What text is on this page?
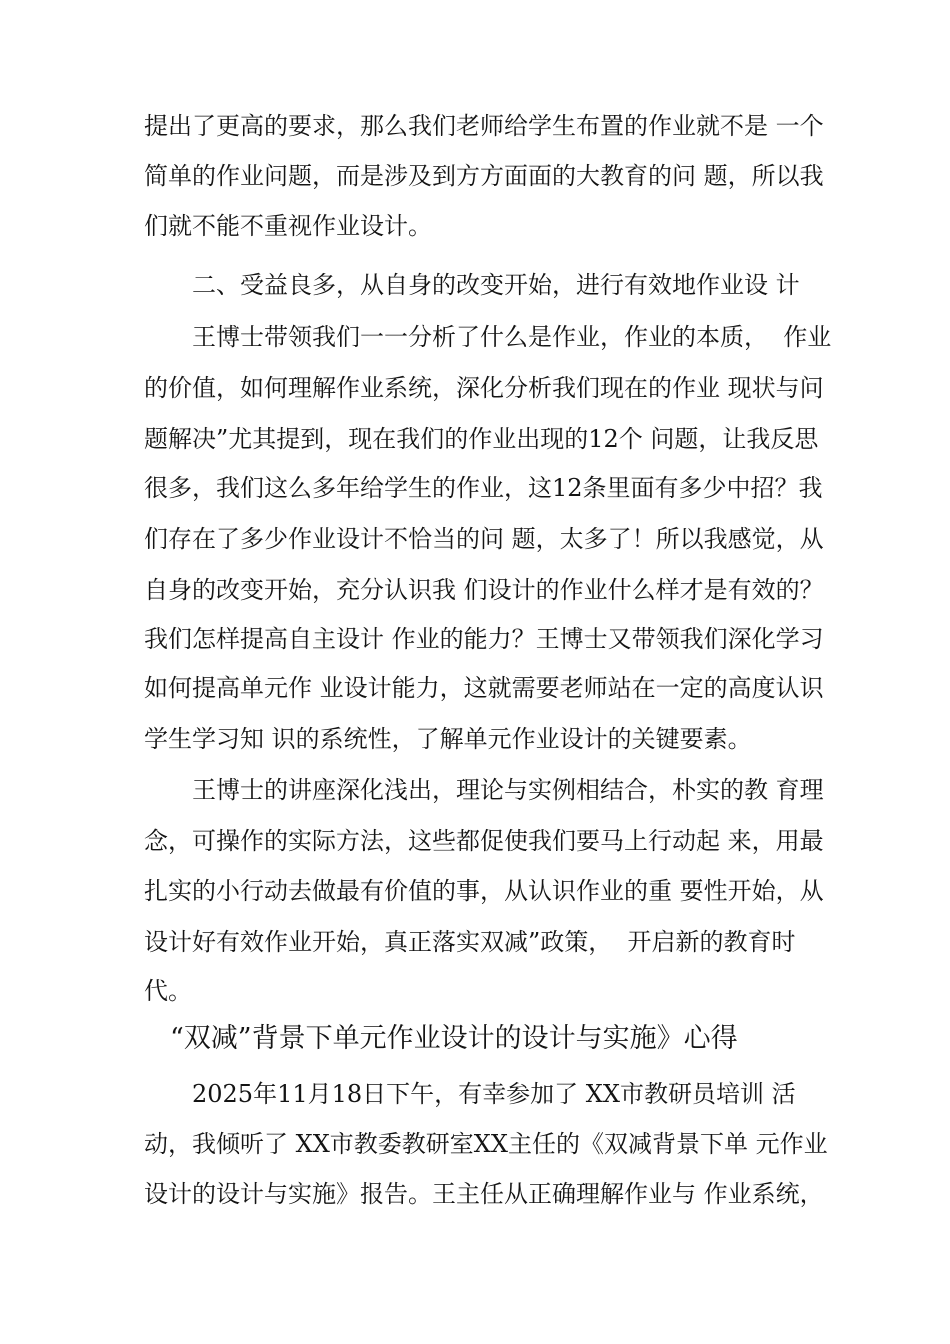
提出了更高的要求，那么我们老师给学生布置的作业就不是 一个
简单的作业问题，而是涉及到方方面面的大教育的问 题，所以我
们就不能不重视作业设计。
二、受益良多，从自身的改变开始，进行有效地作业设 计
王博士带领我们一一分析了什么是作业，作业的本质，  作业
的价值，如何理解作业系统，深化分析我们现在的作业 现状与问
题解决”尤其提到，现在我们的作业出现的12个 问题，让我反思
很多，我们这么多年给学生的作业，这12条里面有多少中招？我
们存在了多少作业设计不恰当的问 题，太多了！所以我感觉，从
自身的改变开始，充分认识我 们设计的作业什么样才是有效的？
我们怎样提高自主设计 作业的能力？王博士又带领我们深化学习
如何提高单元作 业设计能力，这就需要老师站在一定的高度认识
学生学习知 识的系统性，了解单元作业设计的关键要素。
王博士的讲座深化浅出，理论与实例相结合，朴实的教 育理
念，可操作的实际方法，这些都促使我们要马上行动起 来，用最
扎实的小行动去做最有价值的事，从认识作业的重 要性开始，从
设计好有效作业开始，真正落实双减”政策，  开启新的教育时
代。
“双减”背景下单元作业设计的设计与实施》心得
2025年11月18日下午，有幸参加了 XX市教研员培训 活
动，我倾听了 XX市教委教研室XX主任的《双减背景下单 元作业
设计的设计与实施》报告。王主任从正确理解作业与 作业系统，
